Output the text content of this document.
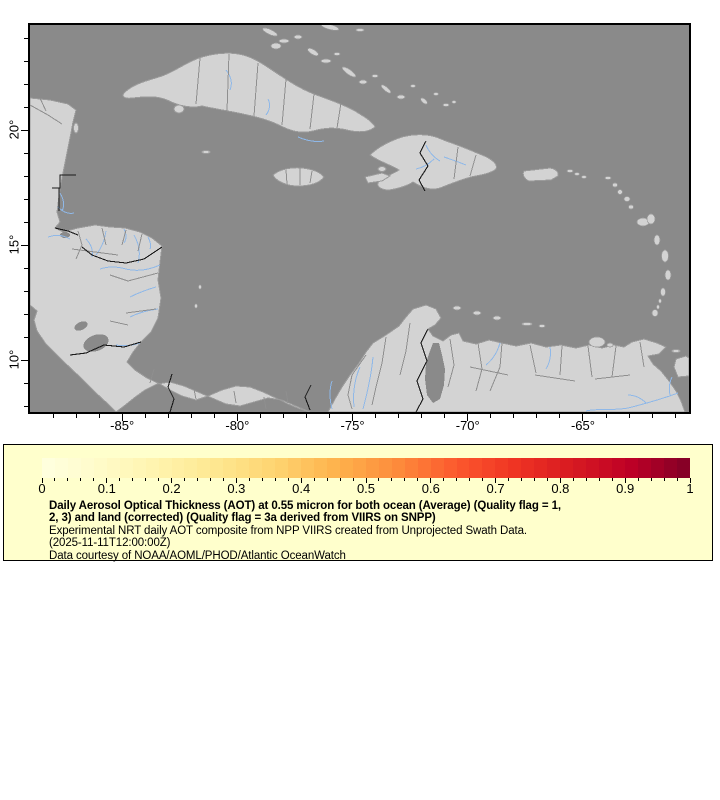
-85°	-80°	-75°	-70°	-65°
10°
15°
20°
Daily Aerosol Optical Thickness (AOT) at 0.55 micron for both ocean (Average) (Quality flag = 1,
2, 3) and land (corrected) (Quality flag = 3a derived from VIIRS on SNPP)
Experimental NRT daily AOT composite from NPP VIIRS created from Unprojected Swath Data.
(2025-11-11T12:00:00Z)
Data courtesy of NOAA/AOML/PHOD/Atlantic OceanWatch
0	0.1	0.2	0.3	0.4	0.5	0.6	0.7	0.8	0.9	1
